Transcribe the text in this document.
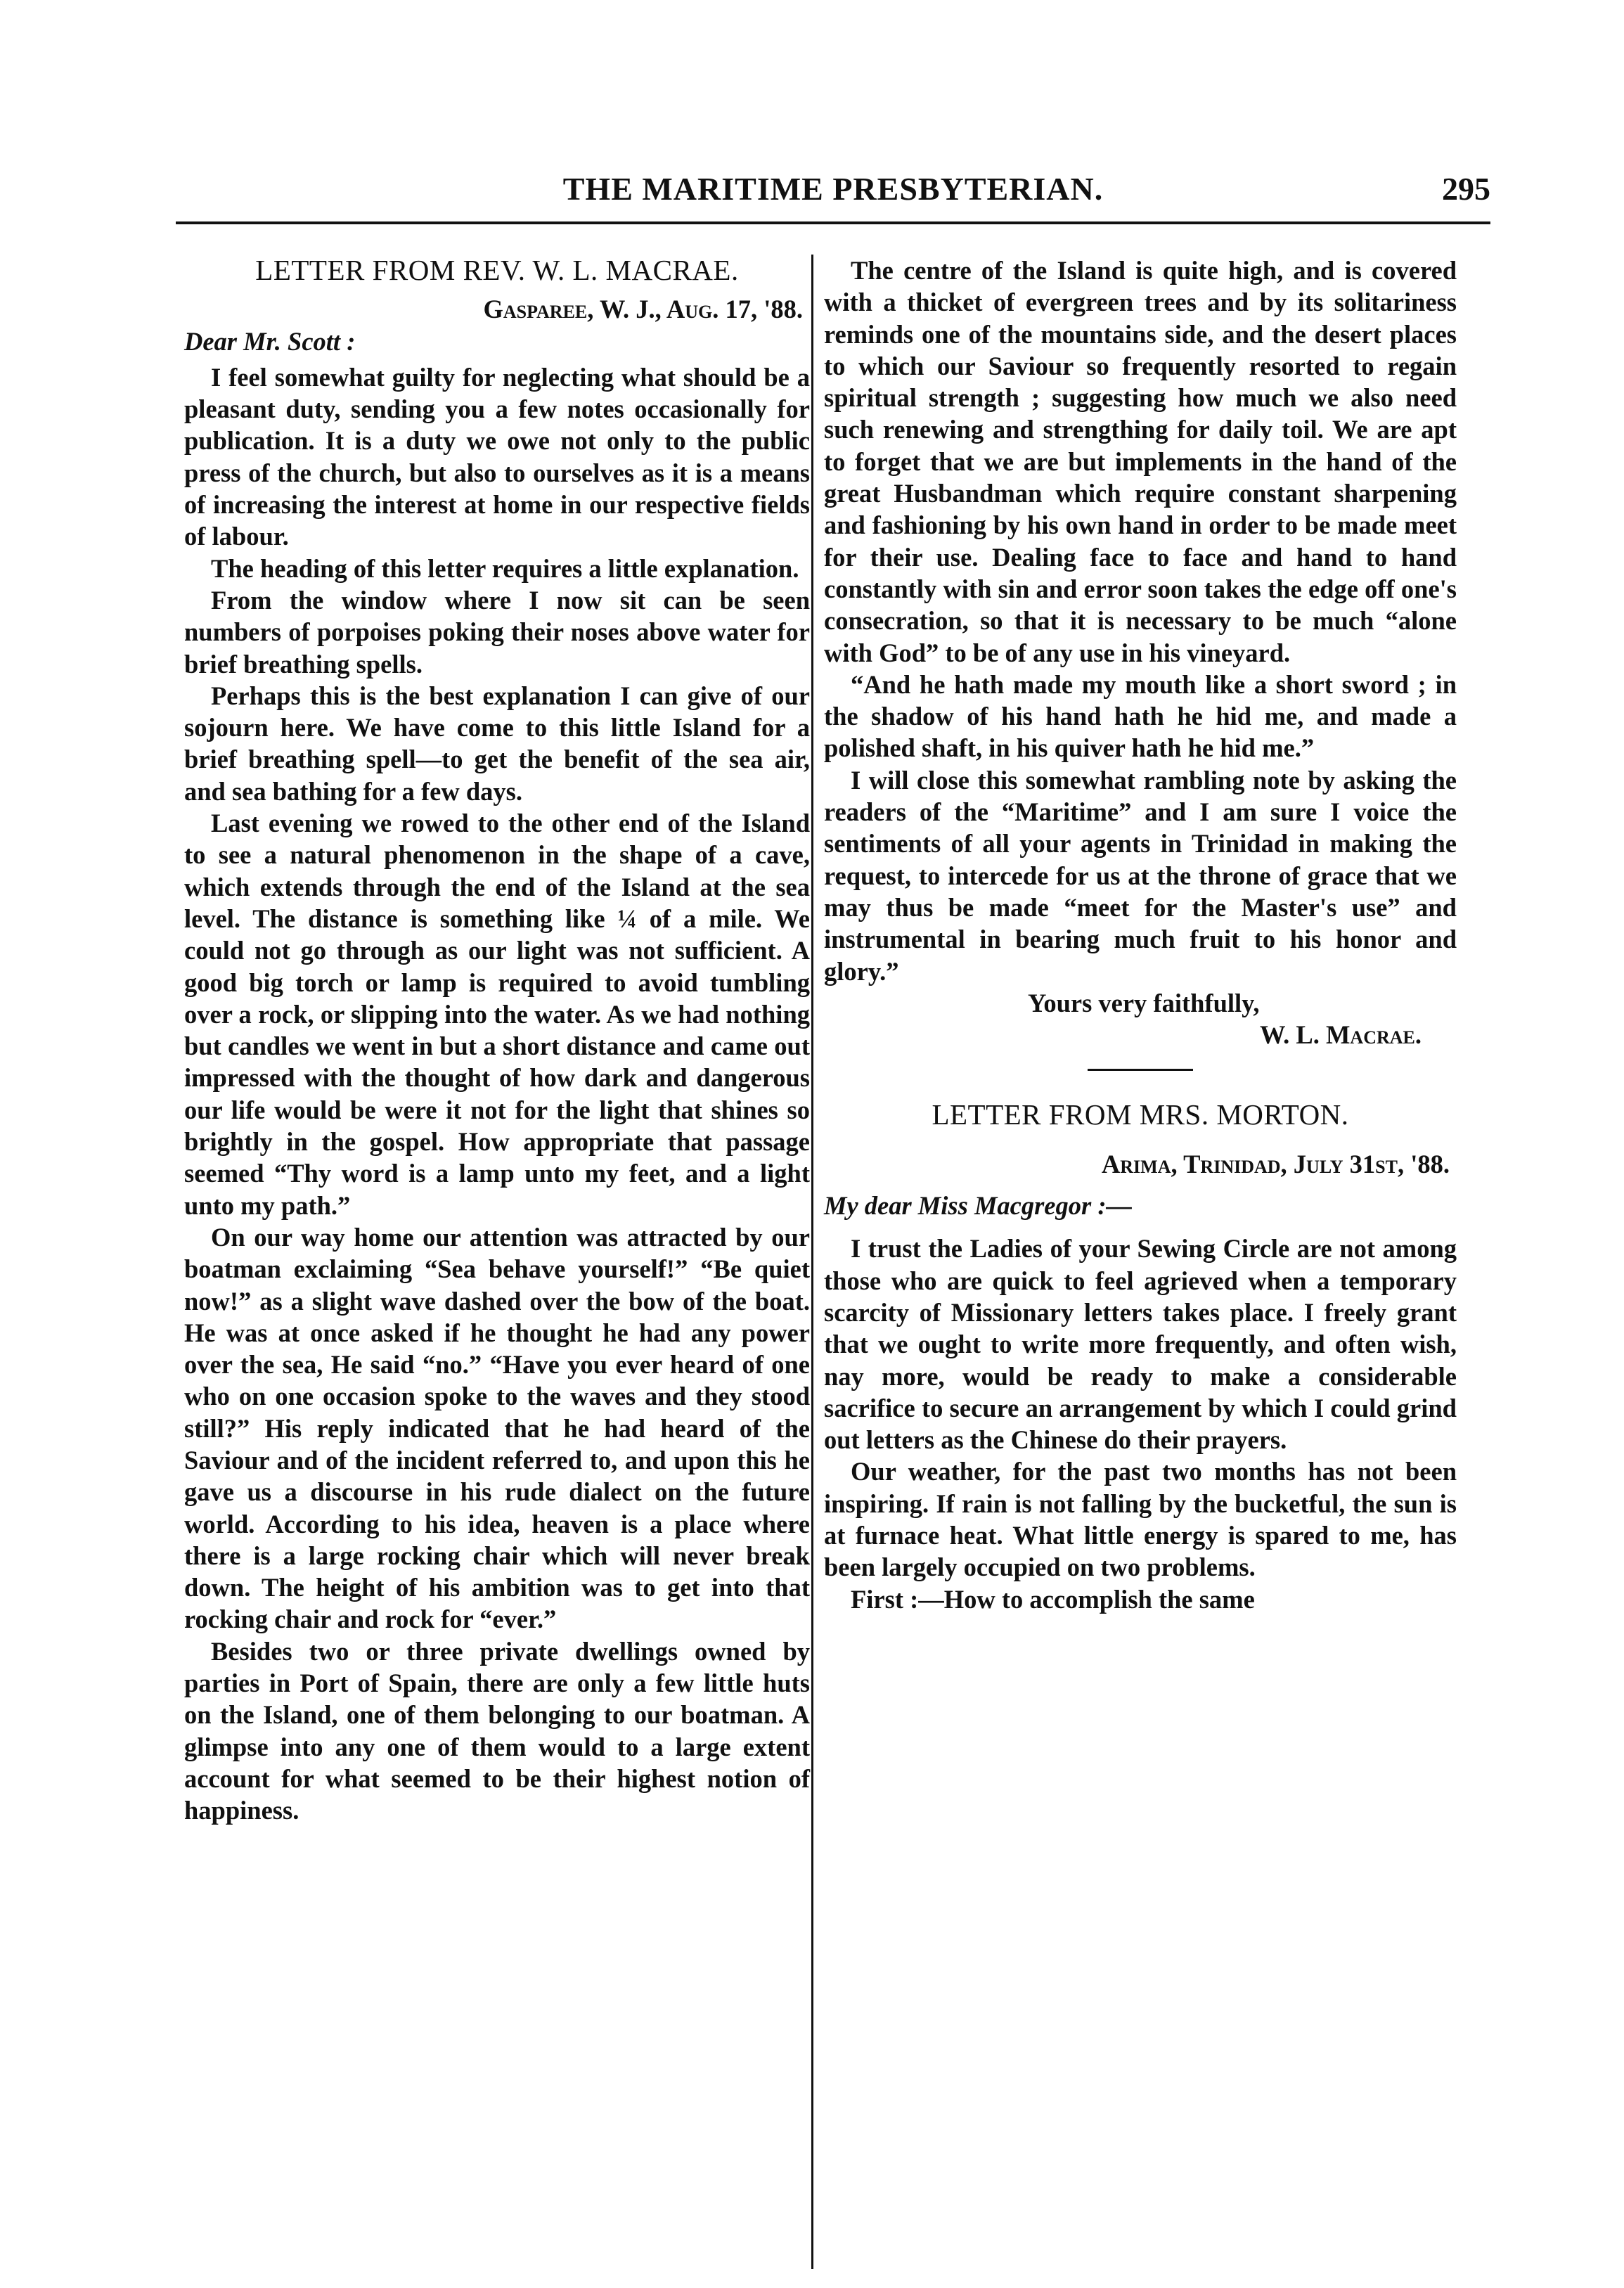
THE MARITIME PRESBYTERIAN.	295
LETTER FROM REV. W. L. MACRAE.
Gasparee, W. J., Aug. 17, '88.
Dear Mr. Scott :

I feel somewhat guilty for neglecting what should be a pleasant duty, sending you a few notes occasionally for publication. It is a duty we owe not only to the public press of the church, but also to ourselves as it is a means of increasing the interest at home in our respective fields of labour.

The heading of this letter requires a little explanation.

From the window where I now sit can be seen numbers of porpoises poking their noses above water for brief breathing spells.

Perhaps this is the best explanation I can give of our sojourn here. We have come to this little Island for a brief breathing spell—to get the benefit of the sea air, and sea bathing for a few days.

Last evening we rowed to the other end of the Island to see a natural phenomenon in the shape of a cave, which extends through the end of the Island at the sea level. The distance is something like ¼ of a mile. We could not go through as our light was not sufficient. A good big torch or lamp is required to avoid tumbling over a rock, or slipping into the water. As we had nothing but candles we went in but a short distance and came out impressed with the thought of how dark and dangerous our life would be were it not for the light that shines so brightly in the gospel. How appropriate that passage seemed “Thy word is a lamp unto my feet, and a light unto my path.”

On our way home our attention was attracted by our boatman exclaiming “Sea behave yourself!” “Be quiet now!” as a slight wave dashed over the bow of the boat. He was at once asked if he thought he had any power over the sea, He said “no.” “Have you ever heard of one who on one occasion spoke to the waves and they stood still?” His reply indicated that he had heard of the Saviour and of the incident referred to, and upon this he gave us a discourse in his rude dialect on the future world. According to his idea, heaven is a place where there is a large rocking chair which will never break down. The height of his ambition was to get into that rocking chair and rock for “ever.”

Besides two or three private dwellings owned by parties in Port of Spain, there are only a few little huts on the Island, one of them belonging to our boatman. A glimpse into any one of them would to a large extent account for what seemed to be their highest notion of happiness.

The centre of the Island is quite high, and is covered with a thicket of evergreen trees and by its solitariness reminds one of the mountains side, and the desert places to which our Saviour so frequently resorted to regain spiritual strength ; suggesting how much we also need such renewing and strengthing for daily toil. We are apt to forget that we are but implements in the hand of the great Husbandman which require constant sharpening and fashioning by his own hand in order to be made meet for their use. Dealing face to face and hand to hand constantly with sin and error soon takes the edge off one's consecration, so that it is necessary to be much “alone with God” to be of any use in his vineyard.

“And he hath made my mouth like a short sword ; in the shadow of his hand hath he hid me, and made a polished shaft, in his quiver hath he hid me.”

I will close this somewhat rambling note by asking the readers of the “Maritime” and I am sure I voice the sentiments of all your agents in Trinidad in making the request, to intercede for us at the throne of grace that we may thus be made “meet for the Master's use” and instrumental in bearing much fruit to his honor and glory.”

Yours very faithfully,

W. L. Macrae.

LETTER FROM MRS. MORTON.
Arima, Trinidad, July 31st, '88.
My dear Miss Macgregor :—

I trust the Ladies of your Sewing Circle are not among those who are quick to feel agrieved when a temporary scarcity of Missionary letters takes place. I freely grant that we ought to write more frequently, and often wish, nay more, would be ready to make a considerable sacrifice to secure an arrangement by which I could grind out letters as the Chinese do their prayers.

Our weather, for the past two months has not been inspiring. If rain is not falling by the bucketful, the sun is at furnace heat. What little energy is spared to me, has been largely occupied on two problems.

First :—How to accomplish the same
